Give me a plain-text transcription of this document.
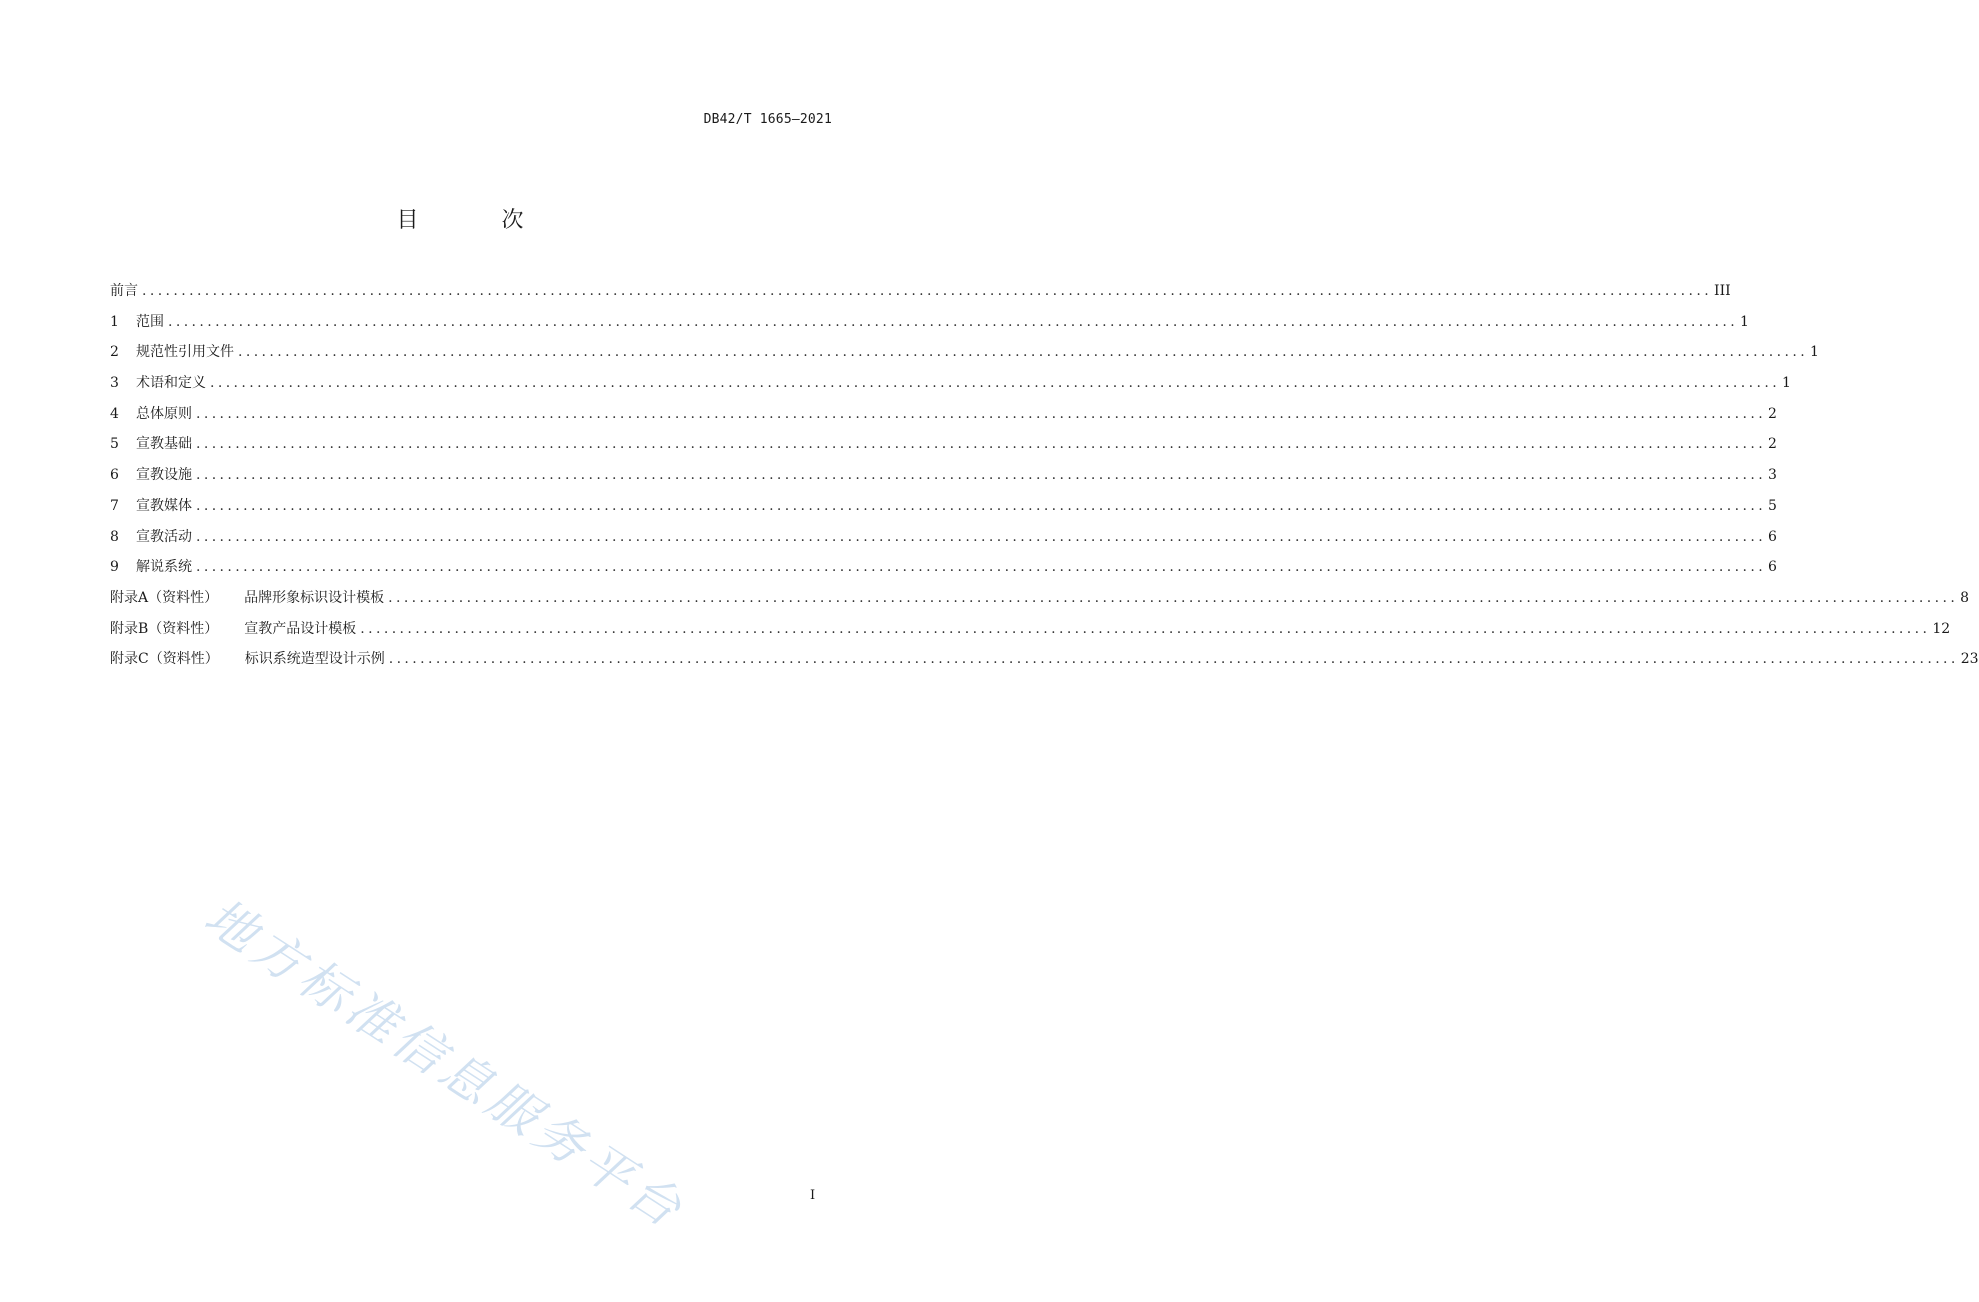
DB42/T 1665—2021
目 次
前言 ........................................................................................................................................................................................................ III
1	范围 ........................................................................................................................................................................................................ 1
2	规范性引用文件 ........................................................................................................................................................................................................ 1
3	术语和定义 ........................................................................................................................................................................................................ 1
4	总体原则 ........................................................................................................................................................................................................ 2
5	宣教基础 ........................................................................................................................................................................................................ 2
6	宣教设施 ........................................................................................................................................................................................................ 3
7	宣教媒体 ........................................................................................................................................................................................................ 5
8	宣教活动 ........................................................................................................................................................................................................ 6
9	解说系统 ........................................................................................................................................................................................................ 6
附录A（资料性） 品牌形象标识设计模板 ........................................................................................................................................................................................................ 8
附录B（资料性） 宣教产品设计模板 ........................................................................................................................................................................................................ 12
附录C（资料性） 标识系统造型设计示例 ........................................................................................................................................................................................................ 23
地方标准信息服务平台	I
